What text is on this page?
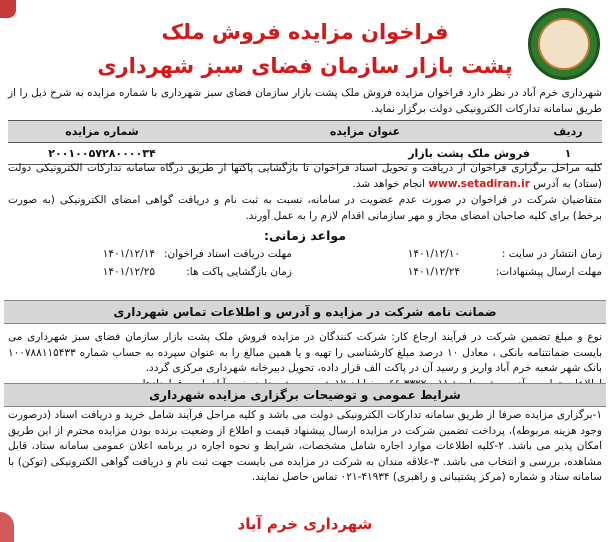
فراخوان مزایده فروش ملک
پشت بازار سازمان فضای سبز شهرداری
شهرداری خرم آباد در نظر دارد فراخوان مزایده فروش ملک پشت بازار سازمان فضای سبز شهرداری با شماره مزایده به شرح ذیل را از طریق سامانه تدارکات الکترونیکی دولت برگزار نماید.
ردیف	عنوان مزایده	شماره مزایده
۱	فروش ملک پشت بازار	۲۰۰۱۰۰۵۷۲۸۰۰۰۰۳۴
کلیه مراحل برگزاری فراخوان از دریافت و تحویل اسناد فراخوان تا بازگشایی پاکتها از طریق درگاه سامانه تدارکات الکترونیکی دولت (ستاد) به آدرس www.setadiran.ir انجام خواهد شد.
متقاضیان شرکت در فراخوان در صورت عدم عضویت در سامانه، نسبت به ثبت نام و دریافت گواهی امضای الکترونیکی (به صورت برخط) برای کلیه صاحبان امضای مجاز و مهر سازمانی اقدام لازم را به عمل آورند.
مواعد زمانی:
زمان انتشار در سایت :
۱۴۰۱/۱۲/۱۰
مهلت دریافت اسناد فراخوان:
۱۴۰۱/۱۲/۱۴
مهلت ارسال پیشنهادات:
۱۴۰۱/۱۲/۲۴
زمان بازگشایی پاکت ها:
۱۴۰۱/۱۲/۲۵
ضمانت نامه شرکت در مزایده و آدرس و اطلاعات تماس شهرداری
نوع و مبلغ تضمین شرکت در فرآیند ارجاع کار: شرکت کنندگان در مزایده فروش ملک پشت بازار سازمان فضای سبز شهرداری می بایست ضمانتنامه بانکی ، معادل ۱۰ درصد مبلغ کارشناسی را تهیه و یا همین مبالغ را به عنوان سپرده به حساب شماره ۱۰۰۷۸۸۱۱۵۴۳۳ بانک شهر شعبه خرم آباد واریز و رسید آن در پاکت الف قرار داده، تحویل دبیرخانه شهرداری مرکزی گردد.
شرایط عمومی و توضیحات برگزاری مزایده شهرداری
۱-برگزاری مزایده صرفا از طریق سامانه تدارکات الکترونیکی دولت می باشد و کلیه مراحل فرآیند شامل خرید و دریافت اسناد (درصورت وجود هزینه مربوطه)، پرداخت تضمین شرکت در مزایده ارسال پیشنهاد قیمت و اطلاع از وضعیت برنده بودن مزایده محترم از این طریق امکان پذیر می باشد. ۲-کلیه اطلاعات موارد اجاره شامل مشخصات، شرایط و نحوه اجاره در برنامه اعلان عمومی سامانه ستاد، قابل مشاهده، بررسی و انتخاب می باشد. ۳-علاقه مندان به شرکت در مزایده می بایست جهت ثبت نام و دریافت گواهی الکترونیکی (توکن) با سامانه ستاد و شماره (مرکز پشتیبانی و راهبری) ۴۱۹۳۴-۰۲۱ تماس حاصل نمایند.
شهرداری خرم آباد
